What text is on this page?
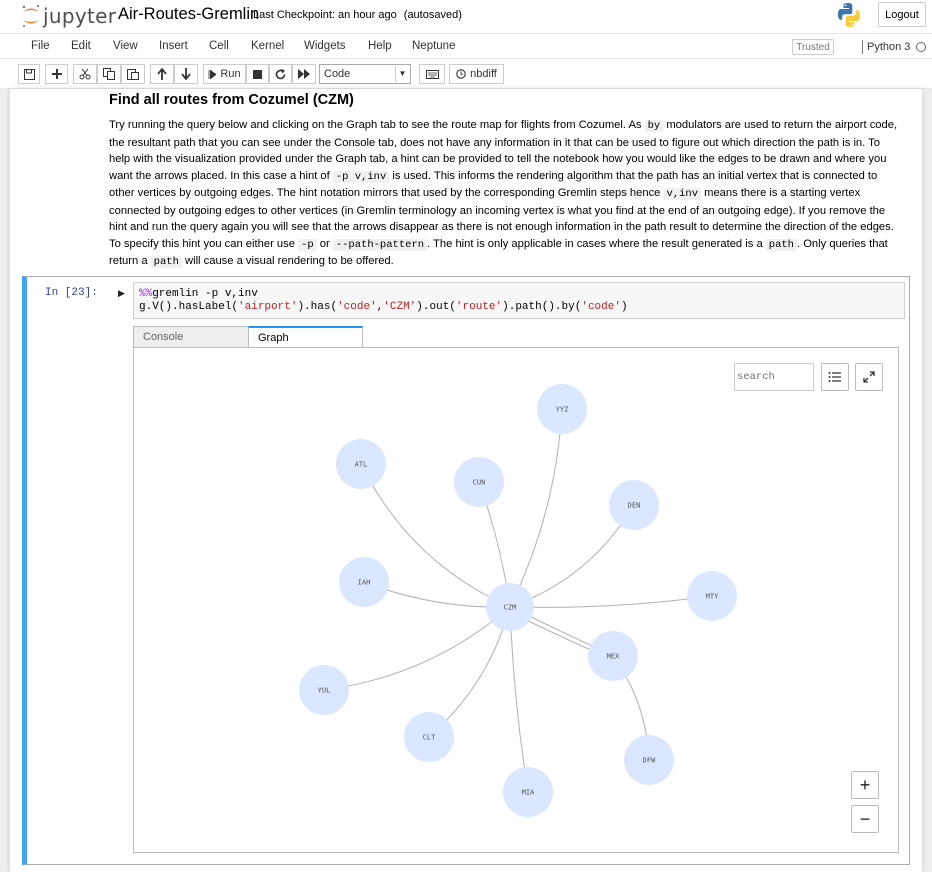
jupyter Air-Routes-Gremlin
Last Checkpoint: an hour ago (autosaved)	Logout
File Edit View Insert Cell Kernel Widgets Help Neptune	Trusted	Python 3
Run	Code	▼	nbdiff
Find all routes from Cozumel (CZM)
Try running the query below and clicking on the Graph tab to see the route map for flights from Cozumel. As by modulators are used to return the airport code, the resultant path that you can see under the Console tab, does not have any information in it that can be used to figure out which direction the path is in. To help with the visualization provided under the Graph tab, a hint can be provided to tell the notebook how you would like the edges to be drawn and where you want the arrows placed. In this case a hint of -p v,inv is used. This informs the rendering algorithm that the path has an initial vertex that is connected to other vertices by outgoing edges. The hint notation mirrors that used by the corresponding Gremlin steps hence v,inv means there is a starting vertex connected by outgoing edges to other vertices (in Gremlin terminology an incoming vertex is what you find at the end of an outgoing edge). If you remove the hint and run the query again you will see that the arrows disappear as there is not enough information in the path result to determine the direction of the edges. To specify this hint you can either use -p or --path-pattern . The hint is only applicable in cases where the result generated is a path . Only queries that return a path will cause a visual rendering to be offered.
In [23]: ▶︎ %%gremlin -p v,inv
g.V().hasLabel('airport').has('code','CZM').out('route').path().by('code')
Console	Graph
CZM
YYZ
ATL
CUN
DEN
IAH
MTY
MEX
YUL
CLT
DFW
MIA
search	+
−
